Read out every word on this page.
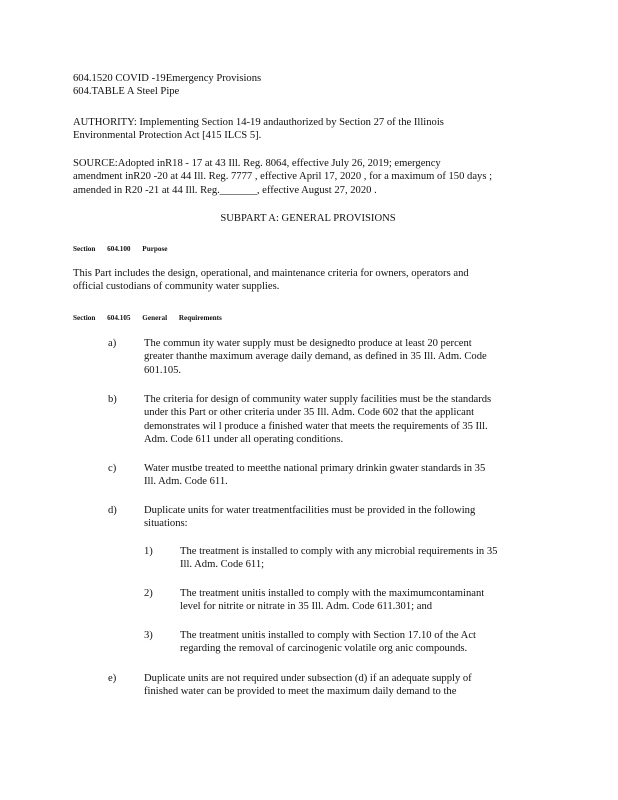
604.1520 COVID -19Emergency Provisions
604.TABLE A Steel Pipe
AUTHORITY: Implementing Section 14-19 andauthorized by Section 27 of the Illinois
Environmental Protection Act [415 ILCS 5].
SOURCE:Adopted inR18 - 17 at 43 Ill. Reg. 8064, effective July 26, 2019; emergency
amendment inR20 -20 at 44 Ill. Reg. 7777 , effective April 17, 2020 , for a maximum of 150 days ;
amended in R20 -21 at 44 Ill. Reg._______, effective August 27, 2020 .
SUBPART A: GENERAL PROVISIONS
Section 604.100 Purpose
This Part includes the design, operational, and maintenance criteria for owners, operators and
official custodians of community water supplies.
Section 604.105 General Requirements
a)	The commun ity water supply must be designedto produce at least 20 percent
greater thanthe maximum average daily demand, as defined in 35 Ill. Adm. Code
601.105.
b)	The criteria for design of community water supply facilities must be the standards
under this Part or other criteria under 35 Ill. Adm. Code 602 that the applicant
demonstrates wil l produce a finished water that meets the requirements of 35 Ill.
Adm. Code 611 under all operating conditions.
c)	Water mustbe treated to meetthe national primary drinkin gwater standards in 35
Ill. Adm. Code 611.
d)	Duplicate units for water treatmentfacilities must be provided in the following
situations:
1)	The treatment is installed to comply with any microbial requirements in 35
Ill. Adm. Code 611;
2)	The treatment unitis installed to comply with the maximumcontaminant
level for nitrite or nitrate in 35 Ill. Adm. Code 611.301; and
3)	The treatment unitis installed to comply with Section 17.10 of the Act
regarding the removal of carcinogenic volatile org anic compounds.
e)	Duplicate units are not required under subsection (d) if an adequate supply of
finished water can be provided to meet the maximum daily demand to the
